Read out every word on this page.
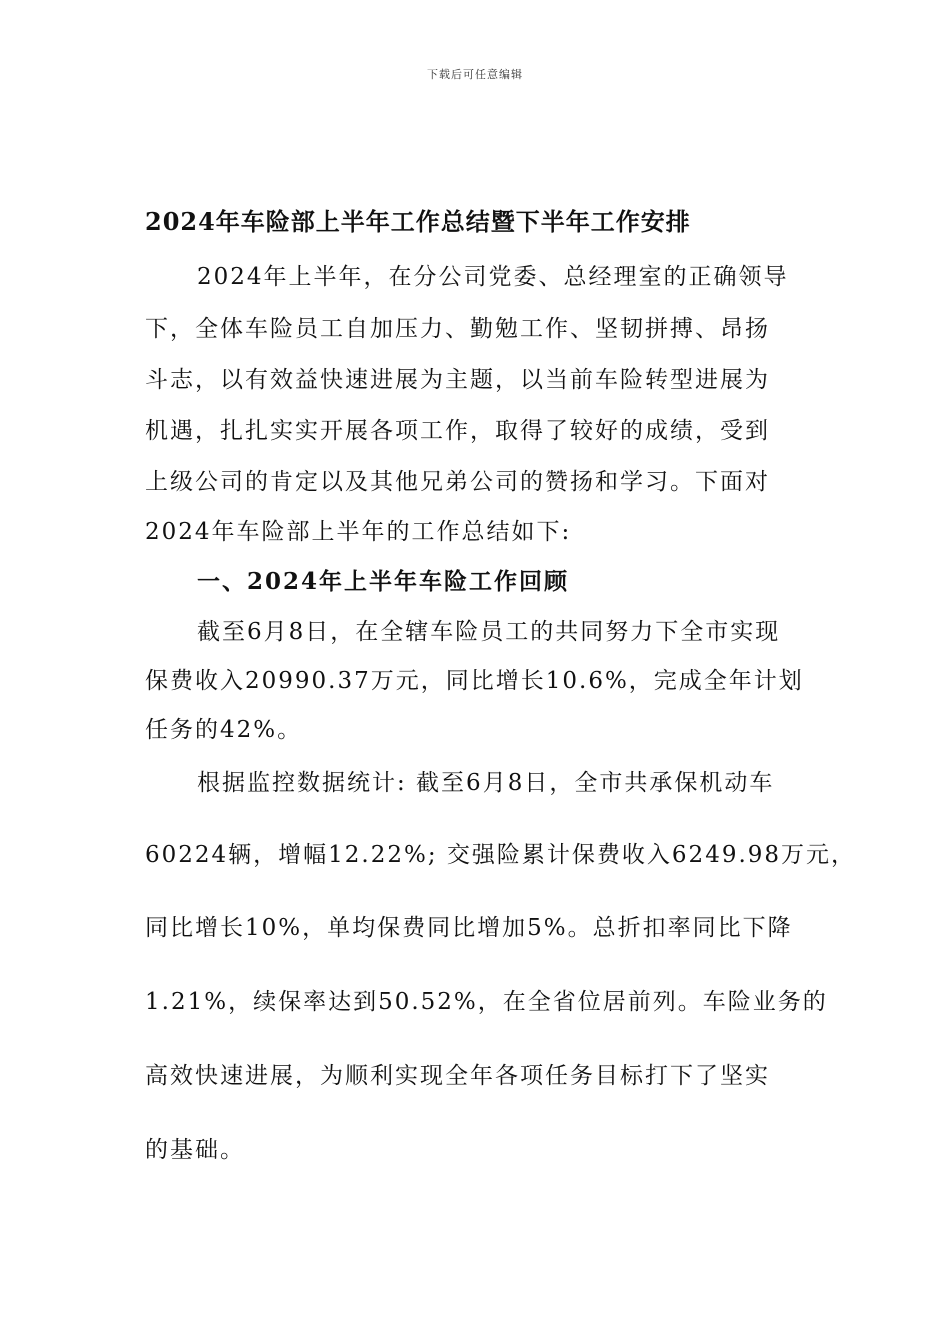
下载后可任意编辑
2024年车险部上半年工作总结暨下半年工作安排
2024年上半年，在分公司党委、总经理室的正确领导
下，全体车险员工自加压力、勤勉工作、坚韧拼搏、昂扬
斗志，以有效益快速进展为主题，以当前车险转型进展为
机遇，扎扎实实开展各项工作，取得了较好的成绩，受到
上级公司的肯定以及其他兄弟公司的赞扬和学习。下面对
2024年车险部上半年的工作总结如下:
一、2024年上半年车险工作回顾
截至6月8日，在全辖车险员工的共同努力下全市实现
保费收入20990.37万元，同比增长10.6%，完成全年计划
任务的42%。
根据监控数据统计: 截至6月8日，全市共承保机动车
60224辆，增幅12.22%; 交强险累计保费收入6249.98万元，
同比增长10%，单均保费同比增加5%。总折扣率同比下降
1.21%，续保率达到50.52%，在全省位居前列。车险业务的
高效快速进展，为顺利实现全年各项任务目标打下了坚实
的基础。
